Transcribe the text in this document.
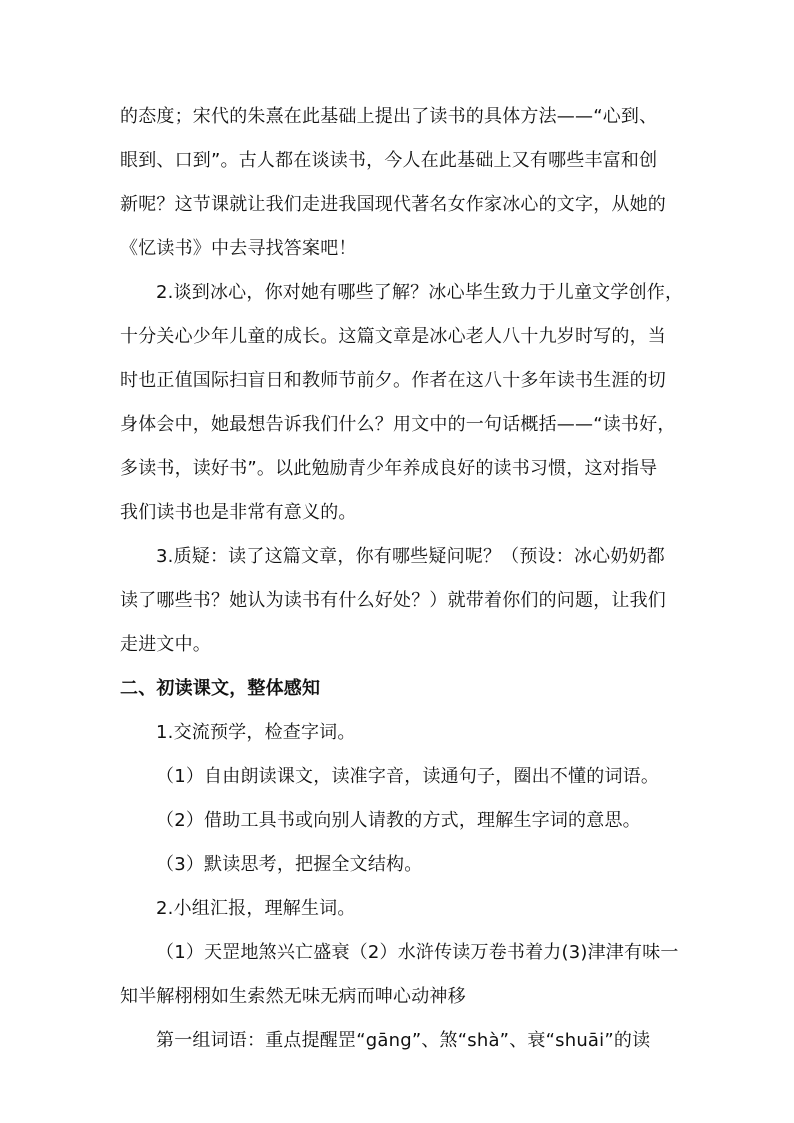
的态度；宋代的朱熹在此基础上提出了读书的具体方法——“心到、
眼到、口到”。古人都在谈读书，今人在此基础上又有哪些丰富和创
新呢？这节课就让我们走进我国现代著名女作家冰心的文字，从她的
《忆读书》中去寻找答案吧！
2.谈到冰心，你对她有哪些了解？冰心毕生致力于儿童文学创作，
十分关心少年儿童的成长。这篇文章是冰心老人八十九岁时写的，当
时也正值国际扫盲日和教师节前夕。作者在这八十多年读书生涯的切
身体会中，她最想告诉我们什么？用文中的一句话概括——“读书好，
多读书，读好书”。以此勉励青少年养成良好的读书习惯，这对指导
我们读书也是非常有意义的。
3.质疑：读了这篇文章，你有哪些疑问呢？（预设：冰心奶奶都
读了哪些书？她认为读书有什么好处？）就带着你们的问题，让我们
走进文中。
二、初读课文，整体感知
1.交流预学，检查字词。
（1）自由朗读课文，读准字音，读通句子，圈出不懂的词语。
（2）借助工具书或向别人请教的方式，理解生字词的意思。
（3）默读思考，把握全文结构。
2.小组汇报，理解生词。
（1）天罡地煞兴亡盛衰（2）水浒传读万卷书着力(3)津津有味一
知半解栩栩如生索然无味无病而呻心动神移
第一组词语：重点提醒罡“gāng”、煞“shà”、衰“shuāi”的读
